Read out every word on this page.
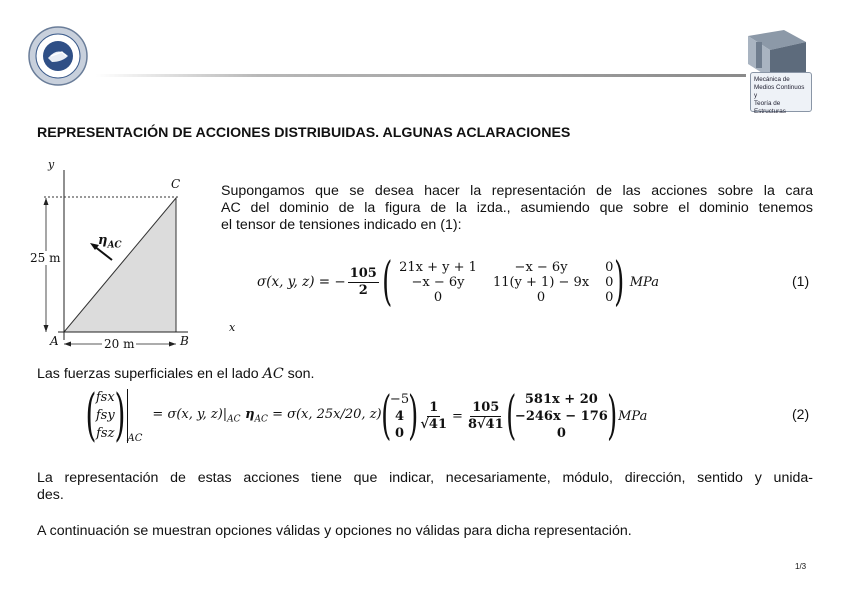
Mecánica de
Medios Continuos y
Teoría de Estructuras
REPRESENTACIÓN DE ACCIONES DISTRIBUIDAS. ALGUNAS ACLARACIONES
y
C
25 m
A	20 m	B
$\eta_{AC}$
x
Supongamos que se desea hacer la representación de las acciones sobre la cara
AC del dominio de la figura de la izda., asumiendo que sobre el dominio tenemos
el tensor de tensiones indicado en (1):
σ(x, y, z) = − $\frac{105}{2}$ ( 21x + y + 1	−x − 6y	0
−x − 6y	11(y + 1) − 9x	0
0	0	0 ) MPa	(1)
Las fuerzas superficiales en el lado AC son.
( fsx
fsy
fsz ) AC
= σ(x, y, $z)|_{AC}$ $\eta_{AC} = \sigma(x$, 25x/20, z) ( −5
4
0 ) $\frac{1}{√41} = \frac{105}{8√41}$ ( 581x + 20
−246x − 176
0 ) MPa	(2)
La representación de estas acciones tiene que indicar, necesariamente, módulo, dirección, sentido y unida-
des.
A continuación se muestran opciones válidas y opciones no válidas para dicha representación.
1/3
